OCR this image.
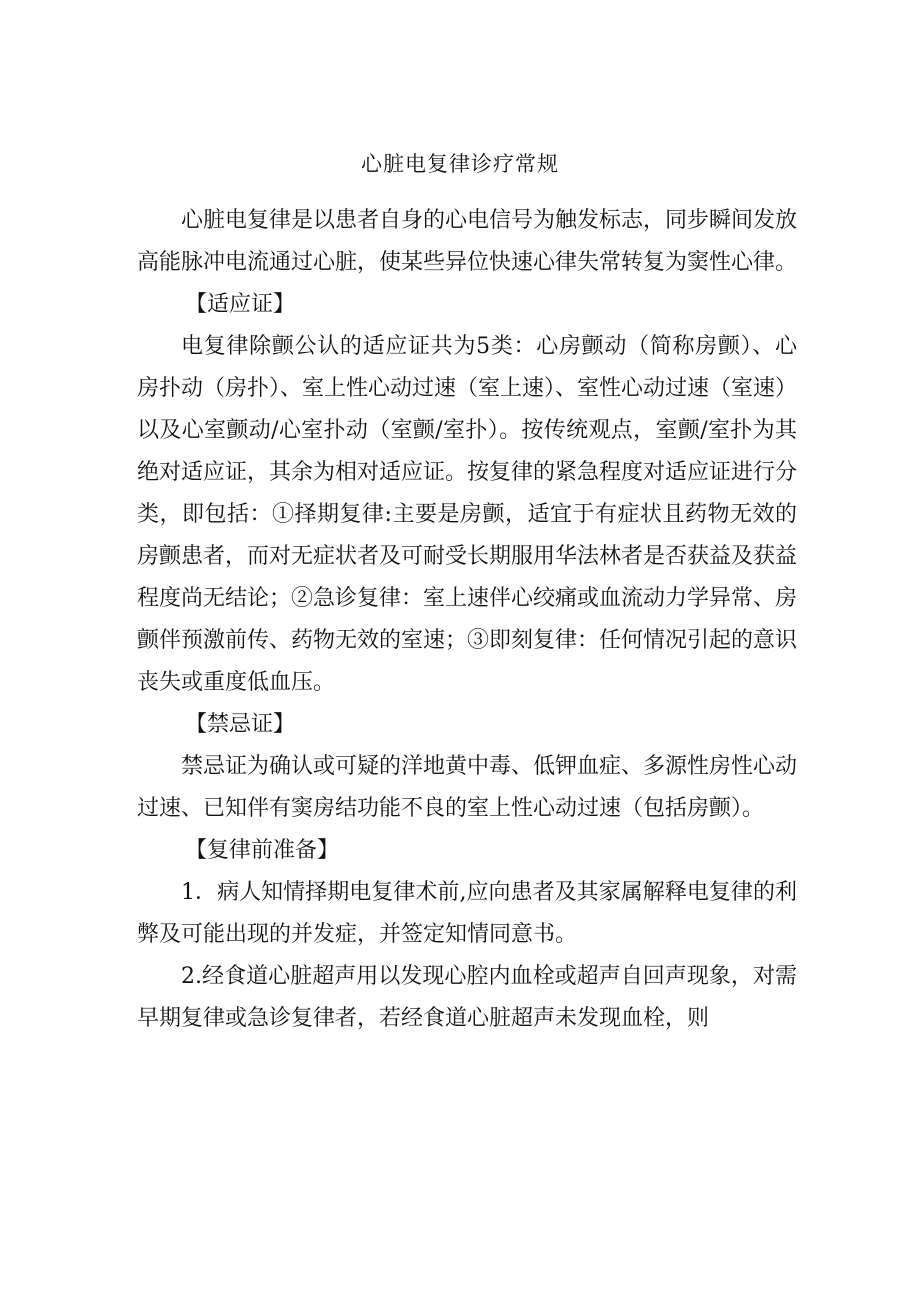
心脏电复律诊疗常规

心脏电复律是以患者自身的心电信号为触发标志，同步瞬间发放高能脉冲电流通过心脏，使某些异位快速心律失常转复为窦性心律。

【适应证】

电复律除颤公认的适应证共为5类：心房颤动（简称房颤）、心房扑动（房扑）、室上性心动过速（室上速）、室性心动过速（室速）以及心室颤动/心室扑动（室颤/室扑）。按传统观点，室颤/室扑为其绝对适应证，其余为相对适应证。按复律的紧急程度对适应证进行分类，即包括：①择期复律:主要是房颤，适宜于有症状且药物无效的房颤患者，而对无症状者及可耐受长期服用华法林者是否获益及获益程度尚无结论；②急诊复律：室上速伴心绞痛或血流动力学异常、房颤伴预激前传、药物无效的室速；③即刻复律：任何情况引起的意识丧失或重度低血压。

【禁忌证】

禁忌证为确认或可疑的洋地黄中毒、低钾血症、多源性房性心动过速、已知伴有窦房结功能不良的室上性心动过速（包括房颤）。

【复律前准备】

1．病人知情择期电复律术前,应向患者及其家属解释电复律的利弊及可能出现的并发症，并签定知情同意书。

2.经食道心脏超声用以发现心腔内血栓或超声自回声现象，对需早期复律或急诊复律者，若经食道心脏超声未发现血栓，则
